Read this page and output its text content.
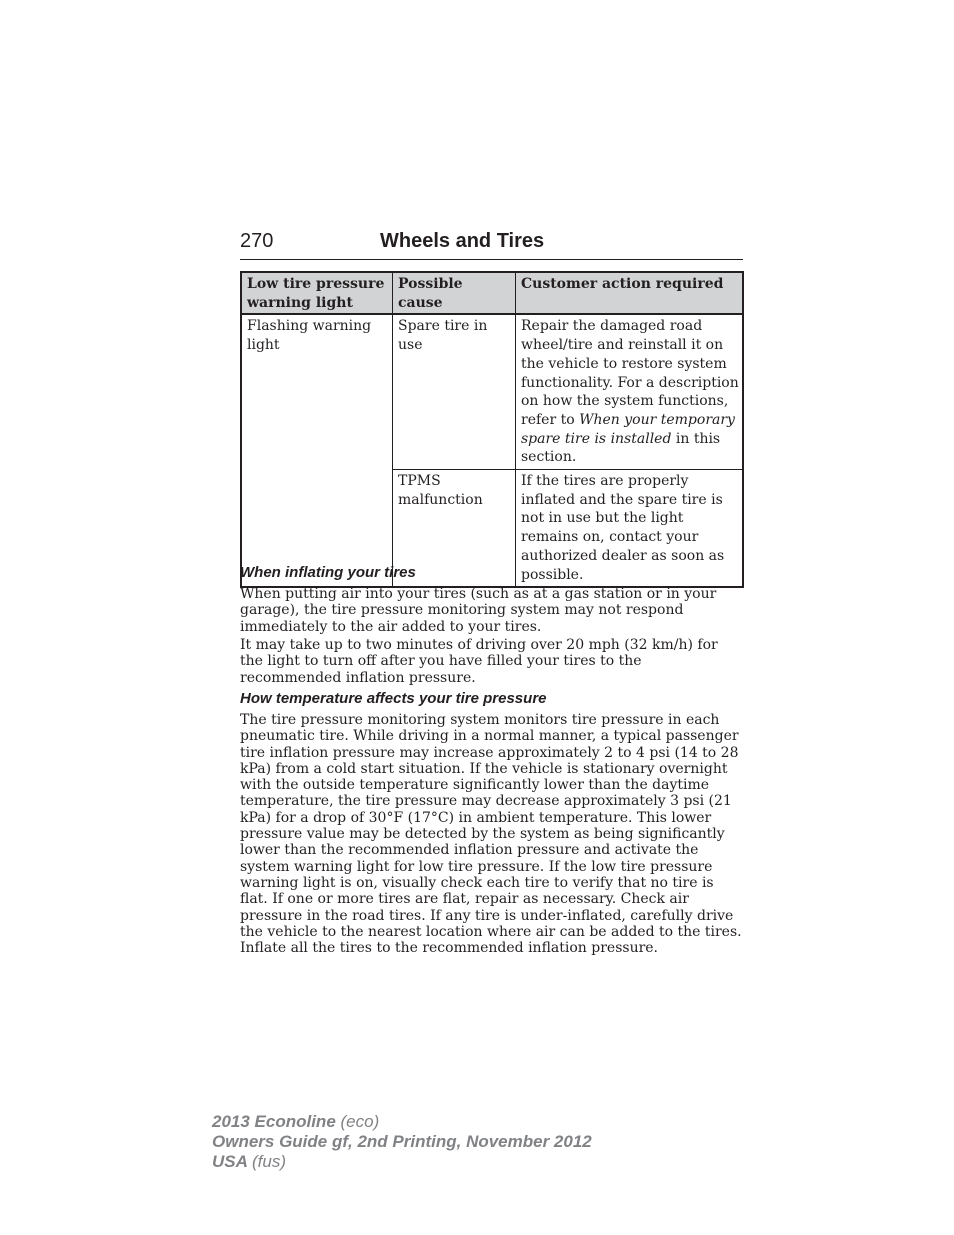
270	Wheels and Tires
Low tire pressure warning light	Possible cause	Customer action required
Flashing warning light	Spare tire in use	Repair the damaged road wheel/tire and reinstall it on the vehicle to restore system functionality. For a description on how the system functions, refer to When your temporary spare tire is installed in this section.
	TPMS malfunction	If the tires are properly inflated and the spare tire is not in use but the light remains on, contact your authorized dealer as soon as possible.
When inflating your tires

When putting air into your tires (such as at a gas station or in your garage), the tire pressure monitoring system may not respond immediately to the air added to your tires.

It may take up to two minutes of driving over 20 mph (32 km/h) for the light to turn off after you have filled your tires to the recommended inflation pressure.

How temperature affects your tire pressure

The tire pressure monitoring system monitors tire pressure in each pneumatic tire. While driving in a normal manner, a typical passenger tire inflation pressure may increase approximately 2 to 4 psi (14 to 28 kPa) from a cold start situation. If the vehicle is stationary overnight with the outside temperature significantly lower than the daytime temperature, the tire pressure may decrease approximately 3 psi (21 kPa) for a drop of 30°F (17°C) in ambient temperature. This lower pressure value may be detected by the system as being significantly lower than the recommended inflation pressure and activate the system warning light for low tire pressure. If the low tire pressure warning light is on, visually check each tire to verify that no tire is flat. If one or more tires are flat, repair as necessary. Check air pressure in the road tires. If any tire is under-inflated, carefully drive the vehicle to the nearest location where air can be added to the tires. Inflate all the tires to the recommended inflation pressure.

2013 Econoline (eco)
Owners Guide gf, 2nd Printing, November 2012
USA (fus)
